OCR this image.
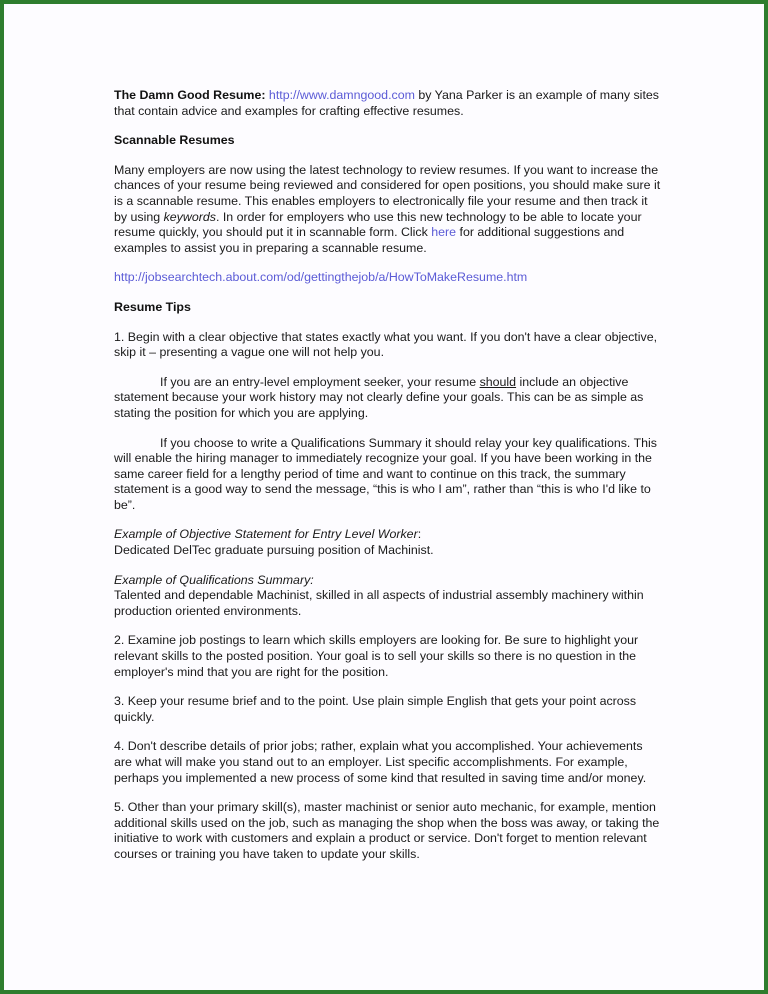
The Damn Good Resume: http://www.damngood.com by Yana Parker is an example of many sites that contain advice and examples for crafting effective resumes.

Scannable Resumes

Many employers are now using the latest technology to review resumes. If you want to increase the chances of your resume being reviewed and considered for open positions, you should make sure it is a scannable resume. This enables employers to electronically file your resume and then track it by using keywords. In order for employers who use this new technology to be able to locate your resume quickly, you should put it in scannable form. Click here for additional suggestions and examples to assist you in preparing a scannable resume.

http://jobsearchtech.about.com/od/gettingthejob/a/HowToMakeResume.htm

Resume Tips

1. Begin with a clear objective that states exactly what you want. If you don't have a clear objective, skip it – presenting a vague one will not help you.

If you are an entry-level employment seeker, your resume should include an objective statement because your work history may not clearly define your goals. This can be as simple as stating the position for which you are applying.

If you choose to write a Qualifications Summary it should relay your key qualifications. This will enable the hiring manager to immediately recognize your goal. If you have been working in the same career field for a lengthy period of time and want to continue on this track, the summary statement is a good way to send the message, “this is who I am”, rather than “this is who I'd like to be”.

Example of Objective Statement for Entry Level Worker:

Dedicated DelTec graduate pursuing position of Machinist.

Example of Qualifications Summary:

Talented and dependable Machinist, skilled in all aspects of industrial assembly machinery within production oriented environments.

2. Examine job postings to learn which skills employers are looking for. Be sure to highlight your relevant skills to the posted position. Your goal is to sell your skills so there is no question in the employer's mind that you are right for the position.

3. Keep your resume brief and to the point. Use plain simple English that gets your point across quickly.

4. Don't describe details of prior jobs; rather, explain what you accomplished. Your achievements are what will make you stand out to an employer. List specific accomplishments. For example, perhaps you implemented a new process of some kind that resulted in saving time and/or money.

5. Other than your primary skill(s), master machinist or senior auto mechanic, for example, mention additional skills used on the job, such as managing the shop when the boss was away, or taking the initiative to work with customers and explain a product or service. Don't forget to mention relevant courses or training you have taken to update your skills.
